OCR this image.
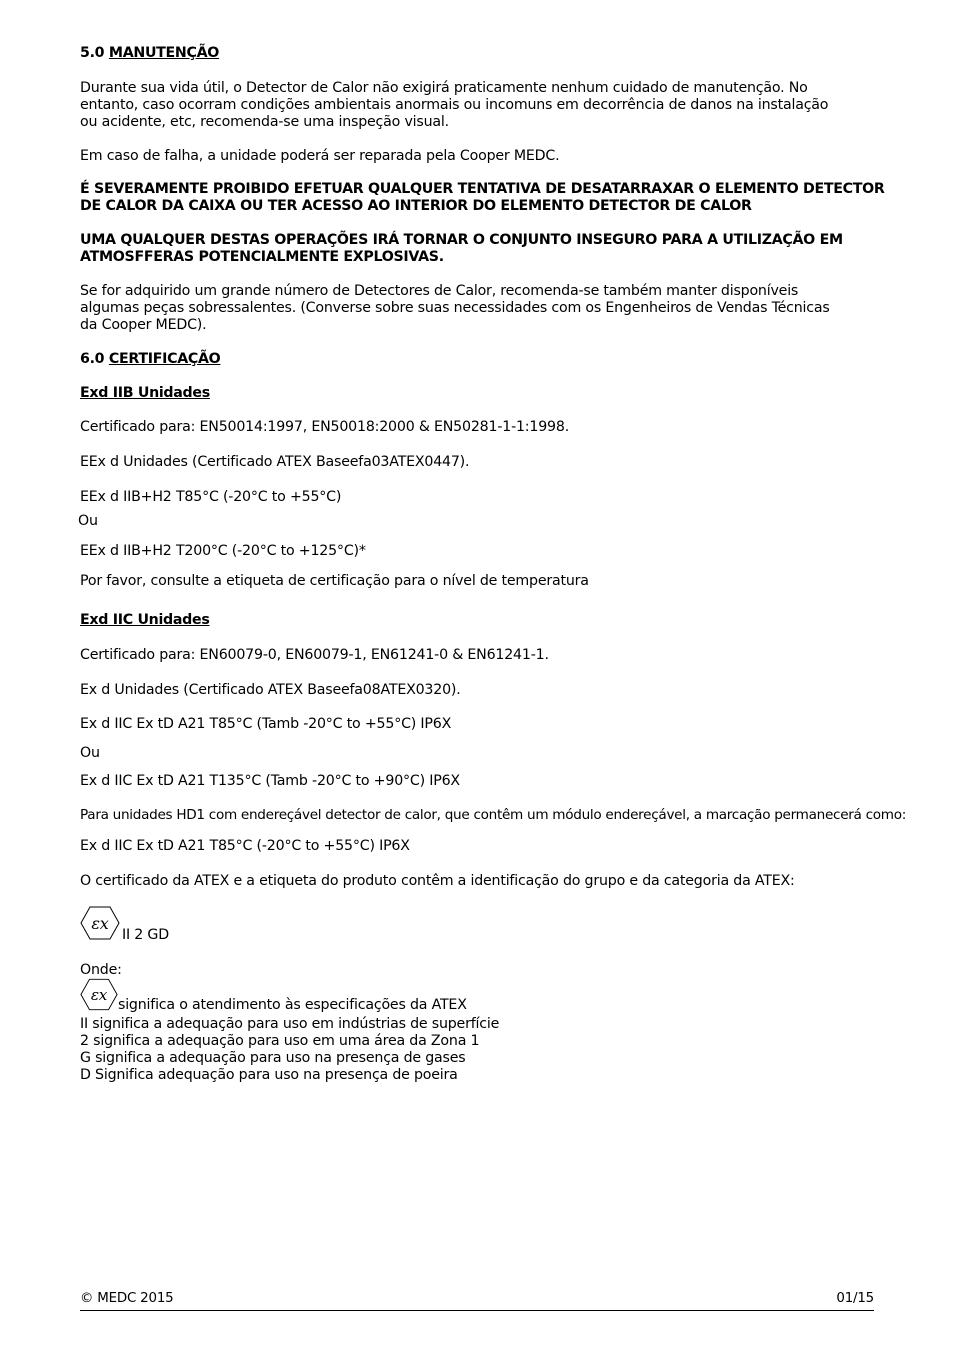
5.0 MANUTENÇÃO

Durante sua vida útil, o Detector de Calor não exigirá praticamente nenhum cuidado de manutenção. No entanto, caso ocorram condições ambientais anormais ou incomuns em decorrência de danos na instalação ou acidente, etc, recomenda-se uma inspeção visual.

Em caso de falha, a unidade poderá ser reparada pela Cooper MEDC.

É SEVERAMENTE PROIBIDO EFETUAR QUALQUER TENTATIVA DE DESATARRAXAR O ELEMENTO DETECTOR
DE CALOR DA CAIXA OU TER ACESSO AO INTERIOR DO ELEMENTO DETECTOR DE CALOR
UMA QUALQUER DESTAS OPERAÇÕES IRÁ TORNAR O CONJUNTO INSEGURO PARA A UTILIZAÇÃO EM
ATMOSFFERAS POTENCIALMENTE EXPLOSIVAS.
Se for adquirido um grande número de Detectores de Calor, recomenda-se também manter disponíveis
algumas peças sobressalentes. (Converse sobre suas necessidades com os Engenheiros de Vendas Técnicas
da Cooper MEDC).
6.0 CERTIFICAÇÃO
Exd IIB Unidades
Certificado para: EN50014:1997, EN50018:2000 & EN50281-1-1:1998.
EEx d Unidades (Certificado ATEX Baseefa03ATEX0447).
EEx d IIB+H2 T85°C (-20°C to +55°C)
Ou
EEx d IIB+H2 T200°C (-20°C to +125°C)*
Por favor, consulte a etiqueta de certificação para o nível de temperatura
Exd IIC Unidades
Certificado para: EN60079-0, EN60079-1, EN61241-0 & EN61241-1.
Ex d Unidades (Certificado ATEX Baseefa08ATEX0320).
Ex d IIC Ex tD A21 T85°C (Tamb -20°C to +55°C) IP6X
Ou
Ex d IIC Ex tD A21 T135°C (Tamb -20°C to +90°C) IP6X
Para unidades HD1 com endereçável detector de calor, que contêm um módulo endereçável, a marcação permanecerá como:
Ex d IIC Ex tD A21 T85°C (-20°C to +55°C) IP6X
O certificado da ATEX e a etiqueta do produto contêm a identificação do grupo e da categoria da ATEX:
εx
II 2 GD
Onde:
εx
significa o atendimento às especificações da ATEX
II significa a adequação para uso em indústrias de superfície
2 significa a adequação para uso em uma área da Zona 1
G significa a adequação para uso na presença de gases
D Significa adequação para uso na presença de poeira
© MEDC 2015	01/15
